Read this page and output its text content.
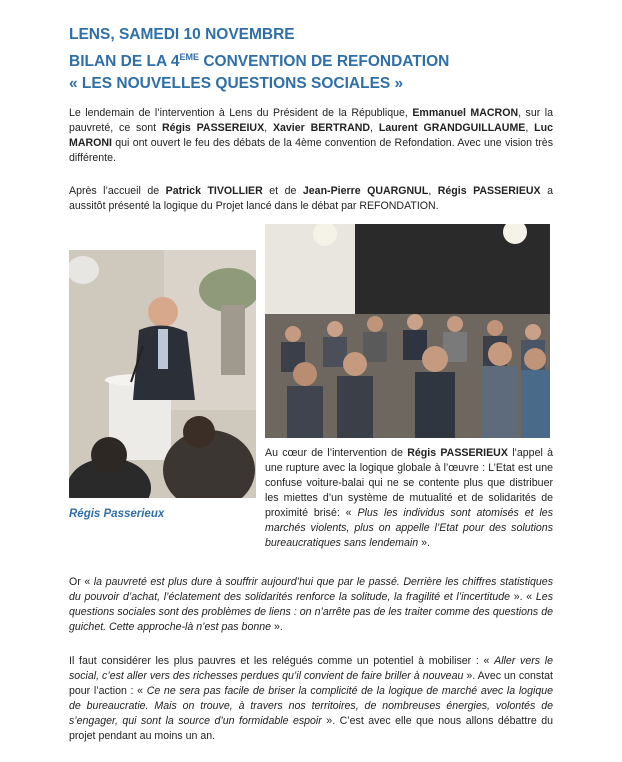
LENS, SAMEDI 10 NOVEMBRE
BILAN DE LA 4EME CONVENTION DE REFONDATION
« LES NOUVELLES QUESTIONS SOCIALES »

Le lendemain de l’intervention à Lens du Président de la République, Emmanuel MACRON, sur la pauvreté, ce sont Régis PASSEREIUX, Xavier BERTRAND, Laurent GRANDGUILLAUME, Luc MARONI qui ont ouvert le feu des débats de la 4ème convention de Refondation. Avec une vision très différente.

Après l’accueil de Patrick TIVOLLIER et de Jean-Pierre QUARGNUL, Régis PASSERIEUX a aussitôt présenté la logique du Projet lancé dans le débat par REFONDATION.

Régis Passerieux

Au cœur de l’intervention de Régis PASSERIEUX l’appel à une rupture avec la logique globale à l’œuvre : L’Etat est une confuse voiture-balai qui ne se contente plus que distribuer les miettes d’un système de mutualité et de solidarités de proximité brisé: « Plus les individus sont atomisés et les marchés violents, plus on appelle l’Etat pour des solutions bureaucratiques sans lendemain ».

Or « la pauvreté est plus dure à souffrir aujourd’hui que par le passé. Derrière les chiffres statistiques du pouvoir d’achat, l’éclatement des solidarités renforce la solitude, la fragilité et l’incertitude ». « Les questions sociales sont des problèmes de liens : on n’arrête pas de les traiter comme des questions de guichet. Cette approche-là n’est pas bonne ».

Il faut considérer les plus pauvres et les relégués comme un potentiel à mobiliser : « Aller vers le social, c’est aller vers des richesses perdues qu’il convient de faire briller à nouveau ». Avec un constat pour l’action : « Ce ne sera pas facile de briser la complicité de la logique de marché avec la logique de bureaucratie. Mais on trouve, à travers nos territoires, de nombreuses énergies, volontés de s’engager, qui sont la source d’un formidable espoir ». C’est avec elle que nous allons débattre du projet pendant au moins un an.
